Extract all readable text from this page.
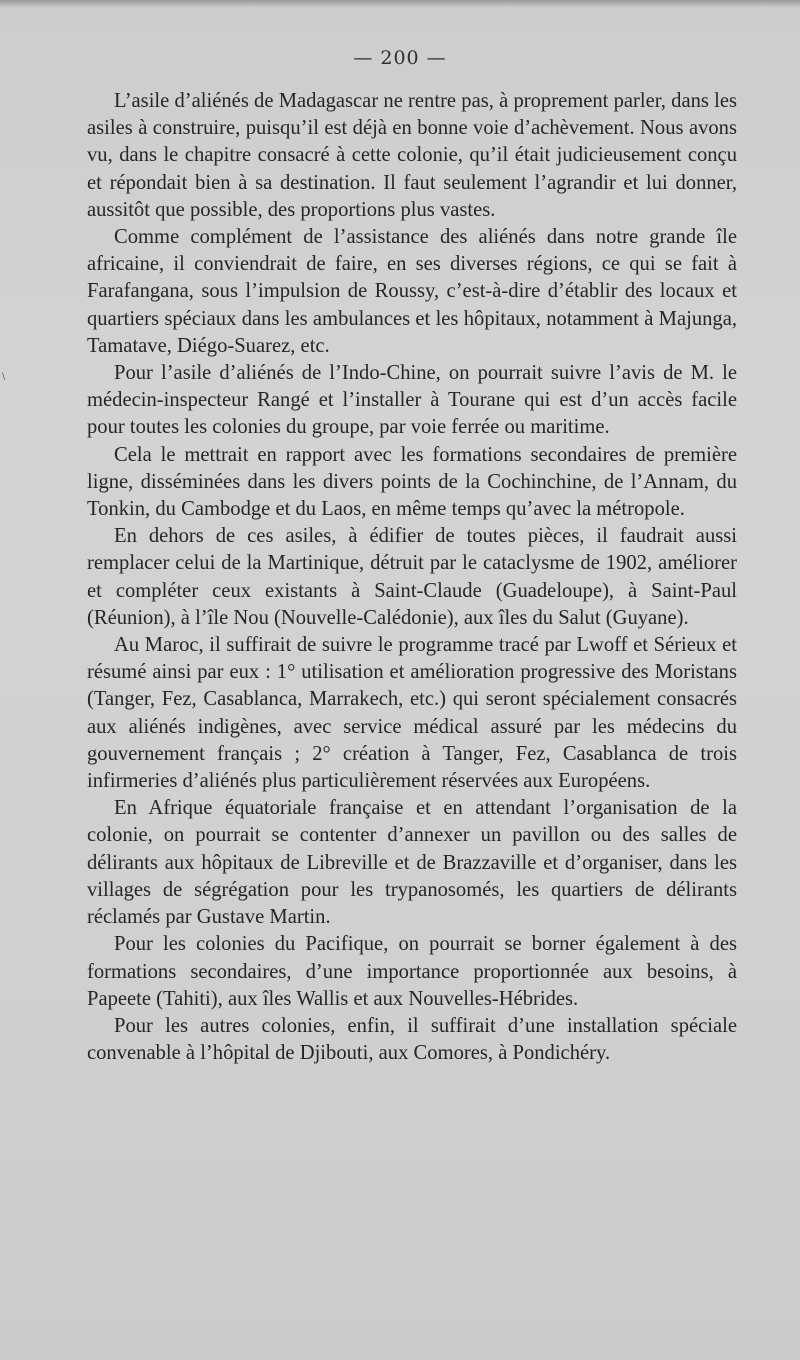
— 200 —
\

L’asile d’aliénés de Madagascar ne rentre pas, à proprement parler, dans les asiles à construire, puisqu’il est déjà en bonne voie d’achèvement. Nous avons vu, dans le chapitre consacré à cette colonie, qu’il était judicieusement conçu et répondait bien à sa destination. Il faut seulement l’agrandir et lui donner, aussitôt que possible, des proportions plus vastes.

Comme complément de l’assistance des aliénés dans notre grande île africaine, il conviendrait de faire, en ses diverses régions, ce qui se fait à Farafangana, sous l’impulsion de Roussy, c’est-à-dire d’établir des locaux et quartiers spéciaux dans les ambulances et les hôpitaux, notamment à Majunga, Tamatave, Diégo-Suarez, etc.

Pour l’asile d’aliénés de l’Indo-Chine, on pourrait suivre l’avis de M. le médecin-inspecteur Rangé et l’installer à Tourane qui est d’un accès facile pour toutes les colonies du groupe, par voie ferrée ou maritime.

Cela le mettrait en rapport avec les formations secondaires de première ligne, disséminées dans les divers points de la Cochinchine, de l’Annam, du Tonkin, du Cambodge et du Laos, en même temps qu’avec la métropole.

En dehors de ces asiles, à édifier de toutes pièces, il faudrait aussi remplacer celui de la Martinique, détruit par le cataclysme de 1902, améliorer et compléter ceux existants à Saint-Claude (Guadeloupe), à Saint-Paul (Réunion), à l’île Nou (Nouvelle-Calédonie), aux îles du Salut (Guyane).

Au Maroc, il suffirait de suivre le programme tracé par Lwoff et Sérieux et résumé ainsi par eux : 1° utilisation et amélioration progressive des Moristans (Tanger, Fez, Casablanca, Marrakech, etc.) qui seront spécialement consacrés aux aliénés indigènes, avec service médical assuré par les médecins du gouvernement français ; 2° création à Tanger, Fez, Casablanca de trois infirmeries d’aliénés plus particulièrement réservées aux Européens.

En Afrique équatoriale française et en attendant l’organisation de la colonie, on pourrait se contenter d’annexer un pavillon ou des salles de délirants aux hôpitaux de Libreville et de Brazzaville et d’organiser, dans les villages de ségrégation pour les trypanosomés, les quartiers de délirants réclamés par Gustave Martin.

Pour les colonies du Pacifique, on pourrait se borner également à des formations secondaires, d’une importance proportionnée aux besoins, à Papeete (Tahiti), aux îles Wallis et aux Nouvelles-Hébrides.

Pour les autres colonies, enfin, il suffirait d’une installation spéciale convenable à l’hôpital de Djibouti, aux Comores, à Pondichéry.
